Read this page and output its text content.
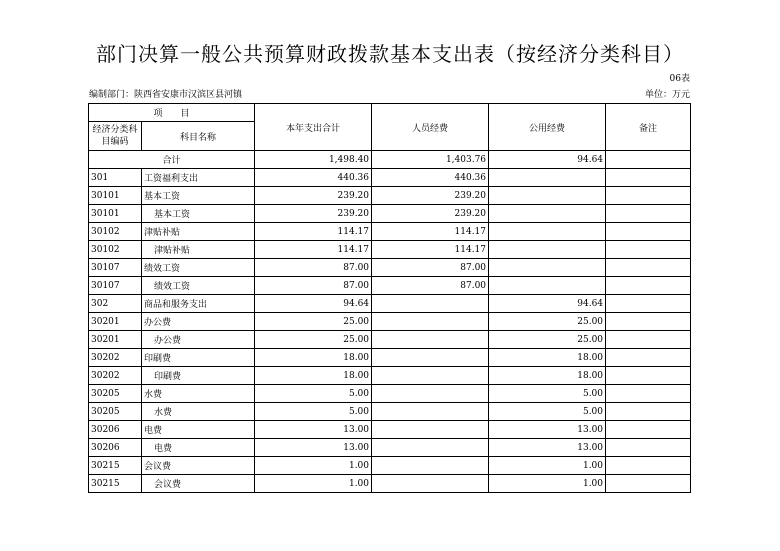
部门决算一般公共预算财政拨款基本支出表（按经济分类科目）
06表
编制部门：陕西省安康市汉滨区县河镇	单位：万元
项　　目		本年支出合计	人员经费	公用经费	备注
经济分类科目编码	科目名称				
合计		1,498.40	1,403.76	94.64	
301	工资福利支出	440.36	440.36		
30101	基本工资	239.20	239.20		
30101	基本工资	239.20	239.20		
30102	津贴补贴	114.17	114.17		
30102	津贴补贴	114.17	114.17		
30107	绩效工资	87.00	87.00		
30107	绩效工资	87.00	87.00		
302	商品和服务支出	94.64		94.64	
30201	办公费	25.00		25.00	
30201	办公费	25.00		25.00	
30202	印刷费	18.00		18.00	
30202	印刷费	18.00		18.00	
30205	水费	5.00		5.00	
30205	水费	5.00		5.00	
30206	电费	13.00		13.00	
30206	电费	13.00		13.00	
30215	会议费	1.00		1.00	
30215	会议费	1.00		1.00	
